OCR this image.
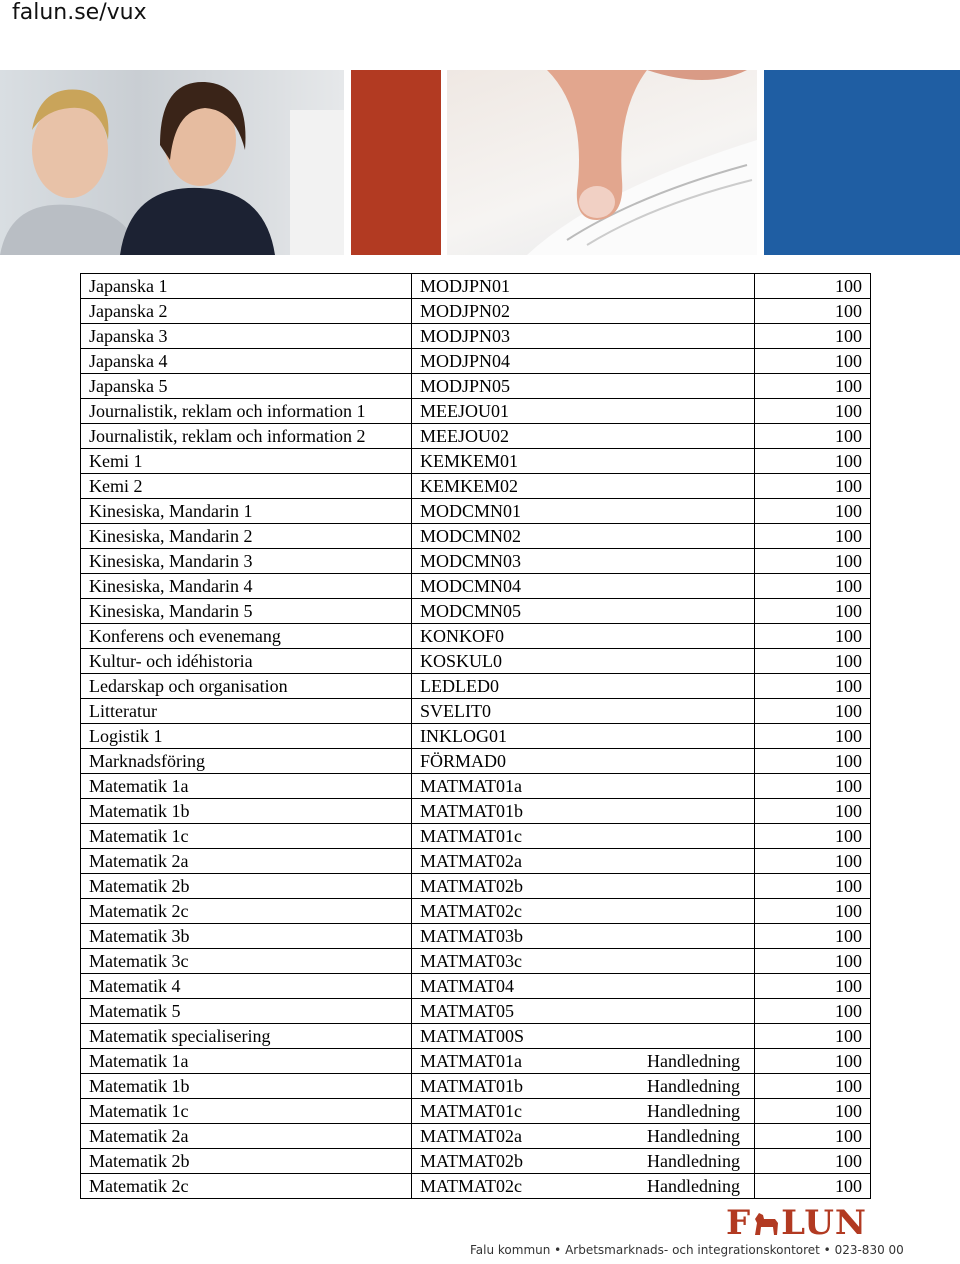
falun.se/vux
Japanska 1	MODJPN01	100
Japanska 2	MODJPN02	100
Japanska 3	MODJPN03	100
Japanska 4	MODJPN04	100
Japanska 5	MODJPN05	100
Journalistik, reklam och information 1	MEEJOU01	100
Journalistik, reklam och information 2	MEEJOU02	100
Kemi 1	KEMKEM01	100
Kemi 2	KEMKEM02	100
Kinesiska, Mandarin 1	MODCMN01	100
Kinesiska, Mandarin 2	MODCMN02	100
Kinesiska, Mandarin 3	MODCMN03	100
Kinesiska, Mandarin 4	MODCMN04	100
Kinesiska, Mandarin 5	MODCMN05	100
Konferens och evenemang	KONKOF0	100
Kultur- och idéhistoria	KOSKUL0	100
Ledarskap och organisation	LEDLED0	100
Litteratur	SVELIT0	100
Logistik 1	INKLOG01	100
Marknadsföring	FÖRMAD0	100
Matematik 1a	MATMAT01a	100
Matematik 1b	MATMAT01b	100
Matematik 1c	MATMAT01c	100
Matematik 2a	MATMAT02a	100
Matematik 2b	MATMAT02b	100
Matematik 2c	MATMAT02c	100
Matematik 3b	MATMAT03b	100
Matematik 3c	MATMAT03c	100
Matematik 4	MATMAT04	100
Matematik 5	MATMAT05	100
Matematik specialisering	MATMAT00S	100
Matematik 1a	MATMAT01a Handledning	100
Matematik 1b	MATMAT01b Handledning	100
Matematik 1c	MATMAT01c Handledning	100
Matematik 2a	MATMAT02a Handledning	100
Matematik 2b	MATMAT02b Handledning	100
Matematik 2c	MATMAT02c Handledning	100
F LUN
Falu kommun • Arbetsmarknads- och integrationskontoret • 023-830 00
